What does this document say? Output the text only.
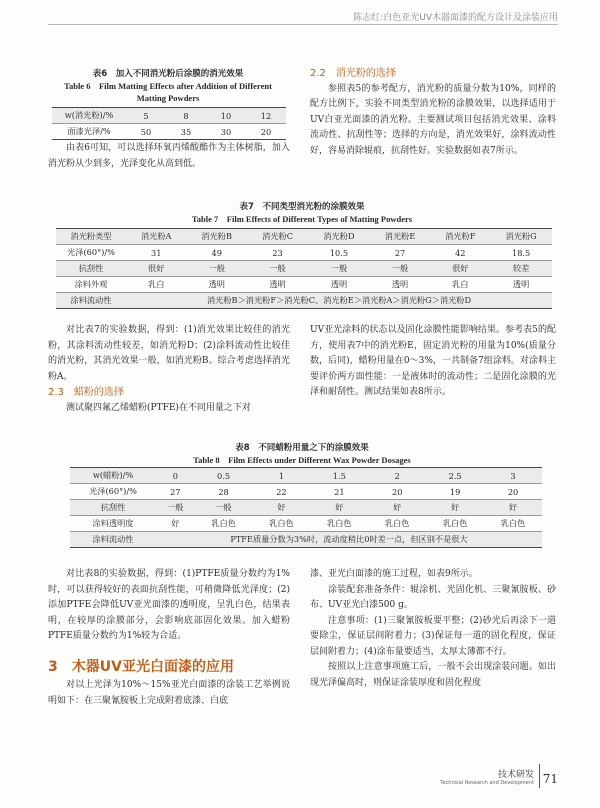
陈志红:白色亚光UV木器面漆的配方设计及涂装应用
表6　加入不同消光粉后涂膜的消光效果
Table 6　Film Matting Effects after Addition of Different
Matting Powders
w(消光粉)/%	5	8	10	12
面漆光泽/%	50	35	30	20

由表6可知，可以选择环氧丙烯酸酯作为主体树脂，加入消光粉从少到多，光泽变化从高到低。

2.2　消光粉的选择

参照表5的参考配方，消光粉的质量分数为10%，同样的配方比例下，实验不同类型消光粉的涂膜效果，以选择适用于UV白亚光面漆的消光粉。主要测试项目包括消光效果、涂料流动性、抗刮性等；选择的方向是，消光效果好，涂料流动性好，容易消除辊痕，抗刮性好。实验数据如表7所示。

表7　不同类型消光粉的涂膜效果
Table 7　Film Effects of Different Types of Matting Powders
消光粉类型	消光粉A	消光粉B	消光粉C	消光粉D	消光粉E	消光粉F	消光粉G
光泽(60°)/%	31	49	23	10.5	27	42	18.5
抗刮性	很好	一般	一般	一般	一般	很好	较差
涂料外观	乳白	透明	透明	透明	透明	乳白	透明
涂料流动性	消光粉B＞消光粉F＞消光粉C、消光粉E＞消光粉A＞消光粉G＞消光粉D						

对比表7的实验数据，得到：(1)消光效果比较佳的消光粉，其涂料流动性较差，如消光粉D；(2)涂料流动性比较佳的消光粉，其消光效果一般，如消光粉B。综合考虑选择消光粉A。

2.3　蜡粉的选择

测试聚四氟乙烯蜡粉(PTFE)在不同用量之下对

UV亚光涂料的状态以及固化涂膜性能影响结果。参考表5的配方，使用表7中的消光粉E，固定消光粉的用量为10%(质量分数，后同)，蜡粉用量在0～3%，一共制备7组涂料。对涂料主要评价两方面性能：一是液体时的流动性；二是固化涂膜的光泽和耐刮性。测试结果如表8所示。

表8　不同蜡粉用量之下的涂膜效果
Table 8　Film Effects under Different Wax Powder Dosages
w(蜡粉)/%	0	0.5	1	1.5	2	2.5	3
光泽(60°)/%	27	28	22	21	20	19	20
抗刮性	一般	一般	好	好	好	好	好
涂料透明度	好	乳白色	乳白色	乳白色	乳白色	乳白色	乳白色
涂料流动性	PTFE质量分数为3%时，流动度稍比0时差一点，但区别不是很大						

对比表8的实验数据，得到：(1)PTFE质量分数约为1%时，可以获得较好的表面抗刮性能，可稍微降低光泽度；(2)添加PTFE会降低UV亚光面漆的透明度，呈乳白色，结果表明，在较厚的涂膜部分，会影响底部固化效果。加入蜡粉PTFE质量分数约为1%较为合适。

3　木器UV亚光白面漆的应用

对以上光泽为10%～15%亚光白面漆的涂装工艺举例说明如下：在三聚氰胺板上完成附着底漆、白底

漆、亚光白面漆的施工过程，如表9所示。

涂装配套准备条件：辊涂机、光固化机、三聚氰胺板、砂布、UV亚光白漆500 g。

注意事项：(1)三聚氰胺板要平整；(2)砂光后再涂下一道要除尘，保证层间附着力；(3)保证每一道的固化程度，保证层间附着力；(4)涂布量要适当，太厚太薄都不行。

按照以上注意事项施工后，一般不会出现涂装问题。如出现光泽偏高时，则保证涂装厚度和固化程度

技术研发
Technical Research and Development 71
